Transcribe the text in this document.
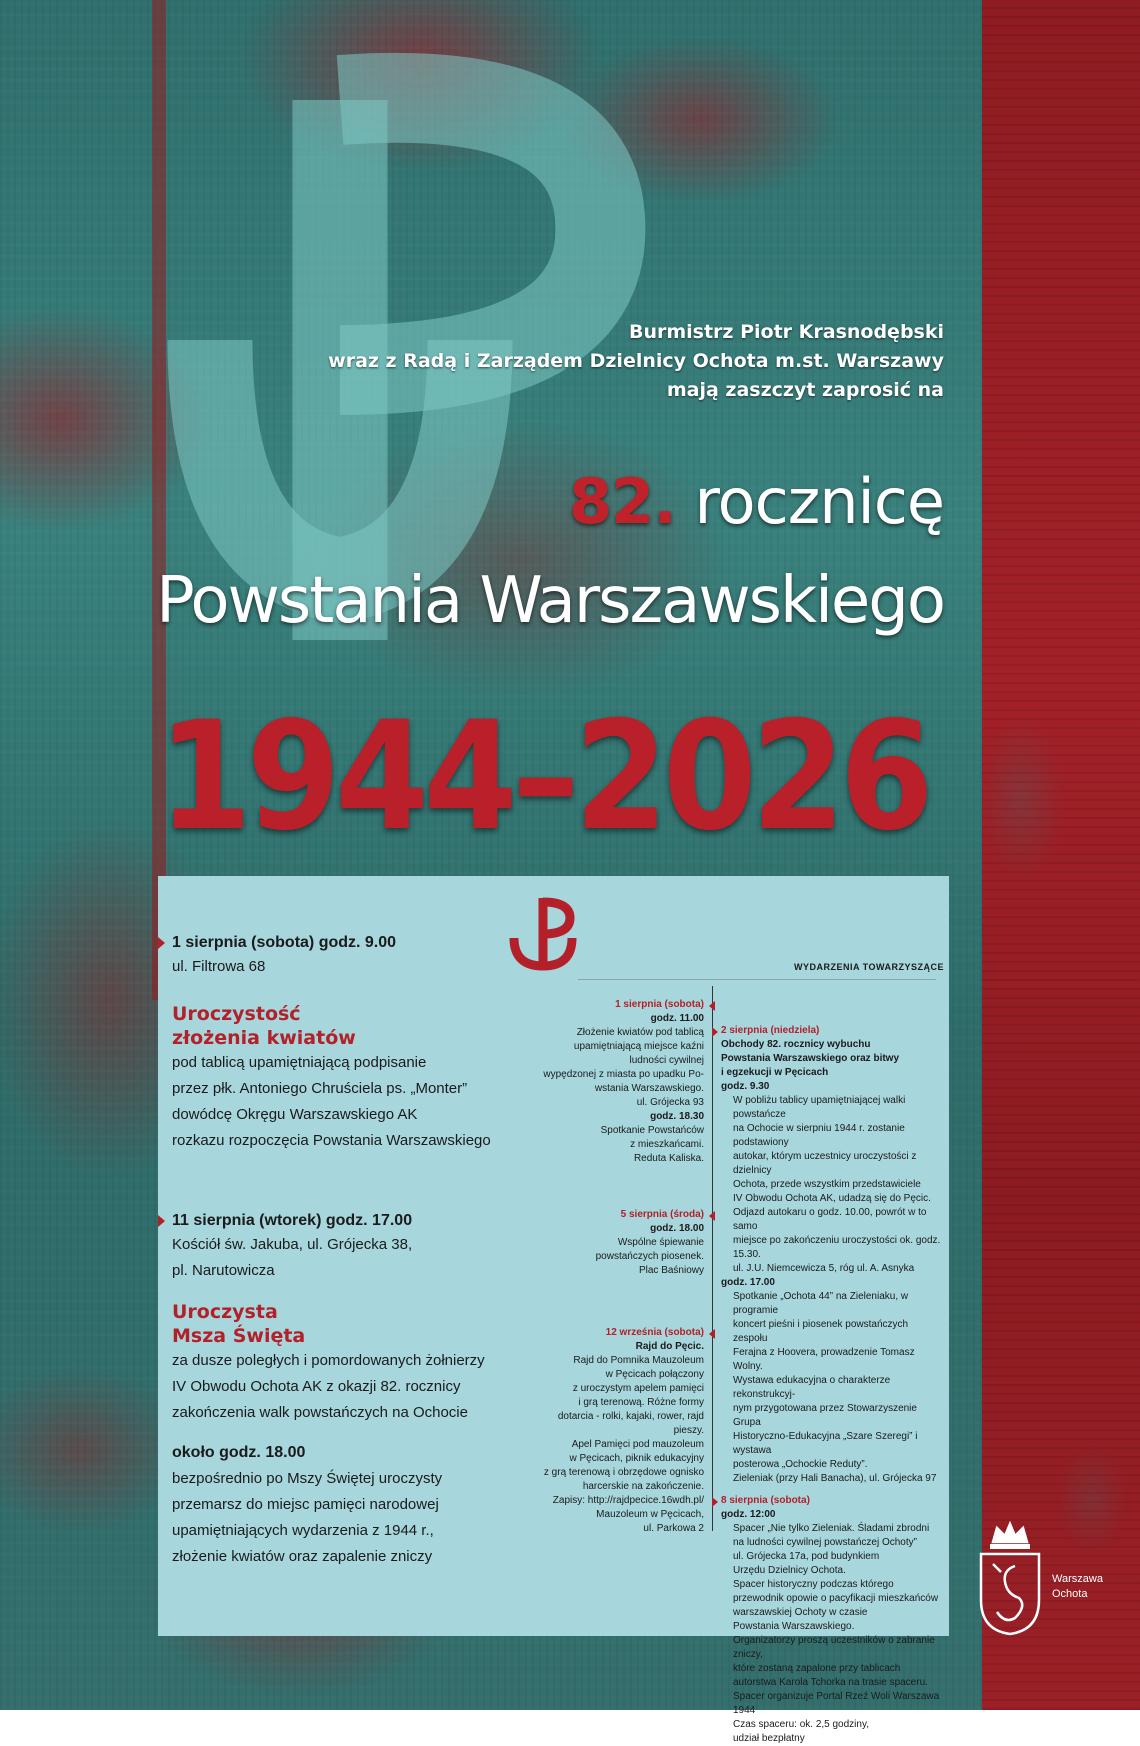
Burmistrz Piotr Krasnodębski
wraz z Radą i Zarządem Dzielnicy Ochota m.st. Warszawy
mają zaszczyt zaprosić na
82. rocznicę
Powstania Warszawskiego
1944–2026
1 sierpnia (sobota) godz. 9.00
ul. Filtrowa 68
Uroczystość
złożenia kwiatów
pod tablicą upamiętniającą podpisanie
przez płk. Antoniego Chruściela ps. „Monter”
dowódcę Okręgu Warszawskiego AK
rozkazu rozpoczęcia Powstania Warszawskiego
11 sierpnia (wtorek) godz. 17.00
Kościół św. Jakuba, ul. Grójecka 38,
pl. Narutowicza
Uroczysta
Msza Święta
za dusze poległych i pomordowanych żołnierzy
IV Obwodu Ochota AK z okazji 82. rocznicy
zakończenia walk powstańczych na Ochocie
około godz. 18.00
bezpośrednio po Mszy Świętej uroczysty
przemarsz do miejsc pamięci narodowej
upamiętniających wydarzenia z 1944 r.,
złożenie kwiatów oraz zapalenie zniczy
WYDARZENIA TOWARZYSZĄCE
1 sierpnia (sobota)
godz. 11.00
Złożenie kwiatów pod tablicą
upamiętniającą miejsce kaźni
ludności cywilnej
wypędzonej z miasta po upadku Po-
wstania Warszawskiego.
ul. Grójecka 93
godz. 18.30
Spotkanie Powstańców
z mieszkańcami.
Reduta Kaliska.
5 sierpnia (środa)
godz. 18.00
Wspólne śpiewanie
powstańczych piosenek.
Plac Baśniowy
12 września (sobota)
Rajd do Pęcic.
Rajd do Pomnika Mauzoleum
w Pęcicach połączony
z uroczystym apelem pamięci
i grą terenową. Różne formy
dotarcia - rolki, kajaki, rower, rajd
pieszy.
Apel Pamięci pod mauzoleum
w Pęcicach, piknik edukacyjny
z grą terenową i obrzędowe ognisko
harcerskie na zakończenie.
Zapisy: http://rajdpecice.16wdh.pl/
Mauzoleum w Pęcicach,
ul. Parkowa 2
2 sierpnia (niedziela)
Obchody 82. rocznicy wybuchu
Powstania Warszawskiego oraz bitwy
i egzekucji w Pęcicach
godz. 9.30
W pobliżu tablicy upamiętniającej walki powstańcze
na Ochocie w sierpniu 1944 r. zostanie podstawiony
autokar, którym uczestnicy uroczystości z dzielnicy
Ochota, przede wszystkim przedstawiciele
IV Obwodu Ochota AK, udadzą się do Pęcic.
Odjazd autokaru o godz. 10.00, powrót w to samo
miejsce po zakończeniu uroczystości ok. godz. 15.30.
ul. J.U. Niemcewicza 5, róg ul. A. Asnyka
godz. 17.00
Spotkanie „Ochota 44” na Zieleniaku, w programie
koncert pieśni i piosenek powstańczych zespołu
Ferajna z Hoovera, prowadzenie Tomasz Wolny.
Wystawa edukacyjna o charakterze rekonstrukcyj-
nym przygotowana przez Stowarzyszenie Grupa
Historyczno-Edukacyjna „Szare Szeregi” i wystawa
posterowa „Ochockie Reduty”.
Zieleniak (przy Hali Banacha), ul. Grójecka 97
8 sierpnia (sobota)
godz. 12:00
Spacer „Nie tylko Zieleniak. Śladami zbrodni
na ludności cywilnej powstańczej Ochoty”
ul. Grójecka 17a, pod budynkiem
Urzędu Dzielnicy Ochota.
Spacer historyczny podczas którego
przewodnik opowie o pacyfikacji mieszkańców
warszawskiej Ochoty w czasie
Powstania Warszawskiego.
Organizatorzy proszą uczestników o zabranie zniczy,
które zostaną zapalone przy tablicach
autorstwa Karola Tchorka na trasie spaceru.
Spacer organizuje Portal Rzeź Woli Warszawa 1944
Czas spaceru: ok. 2,5 godziny,
udział bezpłatny
Warszawa
Ochota
